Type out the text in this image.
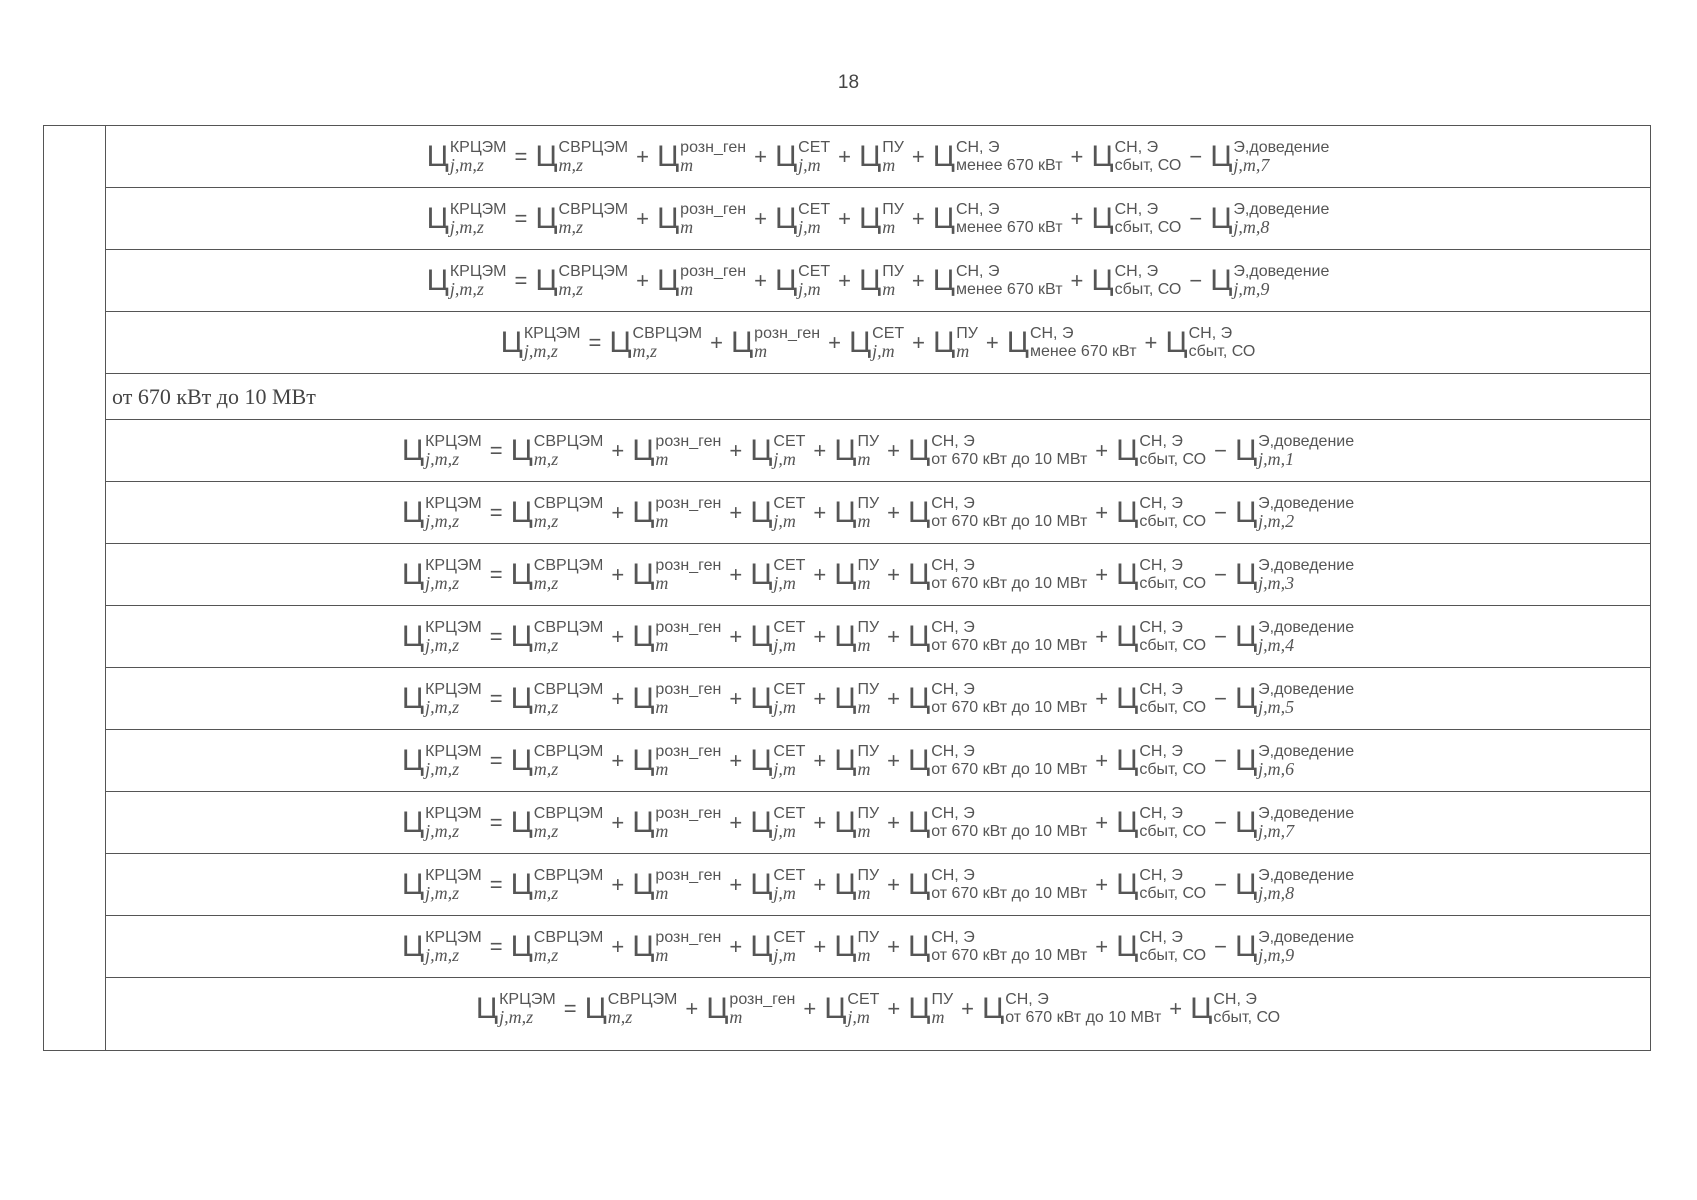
18
Ц КРЦЭМ
j,m,z	= Ц СВРЦЭМ
m,z	+ Ц розн_ген
m	+ Ц СЕТ
j,m + Ц ПУ
m + Ц СН, Э
менее 670 кВт + Ц СН, Э
сбыт, СО − Ц Э,доведение
j,m,7
Ц КРЦЭМ
j,m,z	= Ц СВРЦЭМ
m,z	+ Ц розн_ген
m	+ Ц СЕТ
j,m + Ц ПУ
m + Ц СН, Э
менее 670 кВт + Ц СН, Э
сбыт, СО − Ц Э,доведение
j,m,8
Ц КРЦЭМ
j,m,z	= Ц СВРЦЭМ
m,z	+ Ц розн_ген
m	+ Ц СЕТ
j,m + Ц ПУ
m + Ц СН, Э
менее 670 кВт + Ц СН, Э
сбыт, СО − Ц Э,доведение
j,m,9
Ц КРЦЭМ
j,m,z	= Ц СВРЦЭМ
m,z	+ Ц розн_ген
m	+ Ц СЕТ
j,m + Ц ПУ
m + Ц СН, Э
менее 670 кВт + Ц СН, Э
сбыт, СО
от 670 кВт до 10 МВт
Ц КРЦЭМ
j,m,z	= Ц СВРЦЭМ
m,z	+ Ц розн_ген
m	+ Ц СЕТ
j,m + Ц ПУ
m + Ц СН, Э
от 670 кВт до 10 МВт + Ц СН, Э
сбыт, СО − Ц Э,доведение
j,m,1
Ц КРЦЭМ
j,m,z	= Ц СВРЦЭМ
m,z	+ Ц розн_ген
m	+ Ц СЕТ
j,m + Ц ПУ
m + Ц СН, Э
от 670 кВт до 10 МВт + Ц СН, Э
сбыт, СО − Ц Э,доведение
j,m,2
Ц КРЦЭМ
j,m,z	= Ц СВРЦЭМ
m,z	+ Ц розн_ген
m	+ Ц СЕТ
j,m + Ц ПУ
m + Ц СН, Э
от 670 кВт до 10 МВт + Ц СН, Э
сбыт, СО − Ц Э,доведение
j,m,3
Ц КРЦЭМ
j,m,z	= Ц СВРЦЭМ
m,z	+ Ц розн_ген
m	+ Ц СЕТ
j,m + Ц ПУ
m + Ц СН, Э
от 670 кВт до 10 МВт + Ц СН, Э
сбыт, СО − Ц Э,доведение
j,m,4
Ц КРЦЭМ
j,m,z	= Ц СВРЦЭМ
m,z	+ Ц розн_ген
m	+ Ц СЕТ
j,m + Ц ПУ
m + Ц СН, Э
от 670 кВт до 10 МВт + Ц СН, Э
сбыт, СО − Ц Э,доведение
j,m,5
Ц КРЦЭМ
j,m,z	= Ц СВРЦЭМ
m,z	+ Ц розн_ген
m	+ Ц СЕТ
j,m + Ц ПУ
m + Ц СН, Э
от 670 кВт до 10 МВт + Ц СН, Э
сбыт, СО − Ц Э,доведение
j,m,6
Ц КРЦЭМ
j,m,z	= Ц СВРЦЭМ
m,z	+ Ц розн_ген
m	+ Ц СЕТ
j,m + Ц ПУ
m + Ц СН, Э
от 670 кВт до 10 МВт + Ц СН, Э
сбыт, СО − Ц Э,доведение
j,m,7
Ц КРЦЭМ
j,m,z	= Ц СВРЦЭМ
m,z	+ Ц розн_ген
m	+ Ц СЕТ
j,m + Ц ПУ
m + Ц СН, Э
от 670 кВт до 10 МВт + Ц СН, Э
сбыт, СО − Ц Э,доведение
j,m,8
Ц КРЦЭМ
j,m,z	= Ц СВРЦЭМ
m,z	+ Ц розн_ген
m	+ Ц СЕТ
j,m + Ц ПУ
m + Ц СН, Э
от 670 кВт до 10 МВт + Ц СН, Э
сбыт, СО − Ц Э,доведение
j,m,9
Ц КРЦЭМ
j,m,z	= Ц СВРЦЭМ
m,z	+ Ц розн_ген
m	+ Ц СЕТ
j,m + Ц ПУ
m + Ц СН, Э
от 670 кВт до 10 МВт + Ц СН, Э
сбыт, СО
